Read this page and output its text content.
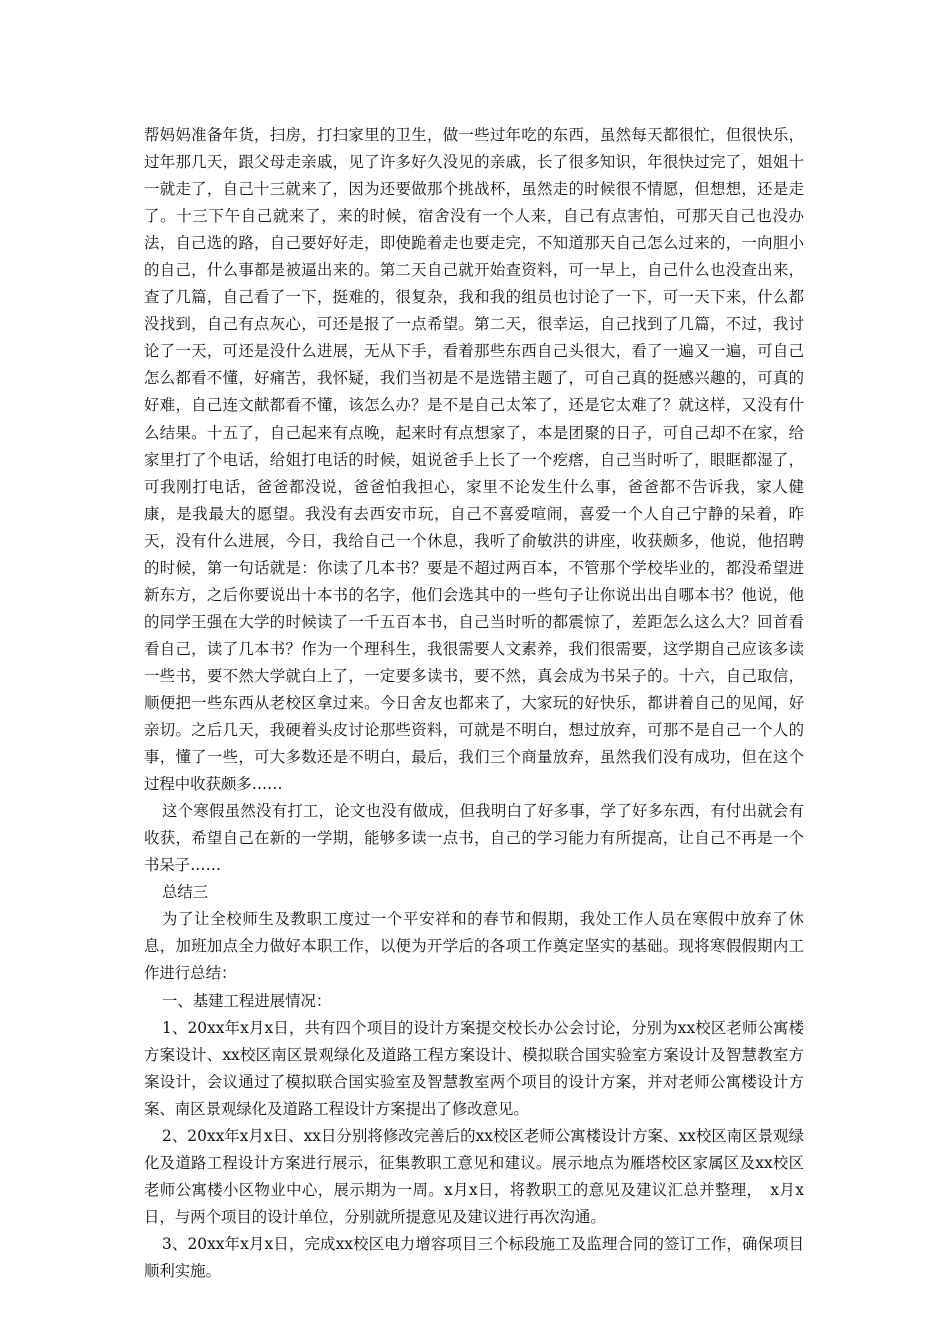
帮妈妈准备年货，扫房，打扫家里的卫生，做一些过年吃的东西，虽然每天都很忙，但很快乐，过年那几天，跟父母走亲戚，见了许多好久没见的亲戚，长了很多知识，年很快过完了，姐姐十一就走了，自己十三就来了，因为还要做那个挑战杯，虽然走的时候很不情愿，但想想，还是走了。十三下午自己就来了，来的时候，宿舍没有一个人来，自己有点害怕，可那天自己也没办法，自己选的路，自己要好好走，即使跪着走也要走完，不知道那天自己怎么过来的，一向胆小的自己，什么事都是被逼出来的。第二天自己就开始查资料，可一早上，自己什么也没查出来，查了几篇，自己看了一下，挺难的，很复杂，我和我的组员也讨论了一下，可一天下来，什么都没找到，自己有点灰心，可还是报了一点希望。第二天，很幸运，自己找到了几篇，不过，我讨论了一天，可还是没什么进展，无从下手，看着那些东西自己头很大，看了一遍又一遍，可自己怎么都看不懂，好痛苦，我怀疑，我们当初是不是选错主题了，可自己真的挺感兴趣的，可真的好难，自己连文献都看不懂，该怎么办？是不是自己太笨了，还是它太难了？就这样，又没有什么结果。十五了，自己起来有点晚，起来时有点想家了，本是团聚的日子，可自己却不在家，给家里打了个电话，给姐打电话的时候，姐说爸手上长了一个疙瘩，自己当时听了，眼眶都湿了，可我刚打电话，爸爸都没说，爸爸怕我担心，家里不论发生什么事，爸爸都不告诉我，家人健康，是我最大的愿望。我没有去西安市玩，自己不喜爱喧闹，喜爱一个人自己宁静的呆着，昨天，没有什么进展，今日，我给自己一个休息，我听了俞敏洪的讲座，收获颇多，他说，他招聘的时候，第一句话就是：你读了几本书？要是不超过两百本，不管那个学校毕业的，都没希望进新东方，之后你要说出十本书的名字，他们会选其中的一些句子让你说出出自哪本书？他说，他的同学王强在大学的时候读了一千五百本书，自己当时听的都震惊了，差距怎么这么大？回首看看自己，读了几本书？作为一个理科生，我很需要人文素养，我们很需要，这学期自己应该多读一些书，要不然大学就白上了，一定要多读书，要不然，真会成为书呆子的。十六，自己取信，顺便把一些东西从老校区拿过来。今日舍友也都来了，大家玩的好快乐，都讲着自己的见闻，好亲切。之后几天，我硬着头皮讨论那些资料，可就是不明白，想过放弃，可那不是自己一个人的事，懂了一些，可大多数还是不明白，最后，我们三个商量放弃，虽然我们没有成功，但在这个过程中收获颇多……

这个寒假虽然没有打工，论文也没有做成，但我明白了好多事，学了好多东西，有付出就会有收获，希望自己在新的一学期，能够多读一点书，自己的学习能力有所提高，让自己不再是一个书呆子……

总结三

为了让全校师生及教职工度过一个平安祥和的春节和假期，我处工作人员在寒假中放弃了休息，加班加点全力做好本职工作，以便为开学后的各项工作奠定坚实的基础。现将寒假假期内工作进行总结：

一、基建工程进展情况：

1、20xx年x月x日，共有四个项目的设计方案提交校长办公会讨论，分别为xx校区老师公寓楼方案设计、xx校区南区景观绿化及道路工程方案设计、模拟联合国实验室方案设计及智慧教室方案设计，会议通过了模拟联合国实验室及智慧教室两个项目的设计方案，并对老师公寓楼设计方案、南区景观绿化及道路工程设计方案提出了修改意见。

2、20xx年x月x日、xx日分别将修改完善后的xx校区老师公寓楼设计方案、xx校区南区景观绿化及道路工程设计方案进行展示，征集教职工意见和建议。展示地点为雁塔校区家属区及xx校区老师公寓楼小区物业中心，展示期为一周。x月x日，将教职工的意见及建议汇总并整理，　x月x日，与两个项目的设计单位，分别就所提意见及建议进行再次沟通。

3、20xx年x月x日，完成xx校区电力增容项目三个标段施工及监理合同的签订工作，确保项目顺利实施。
